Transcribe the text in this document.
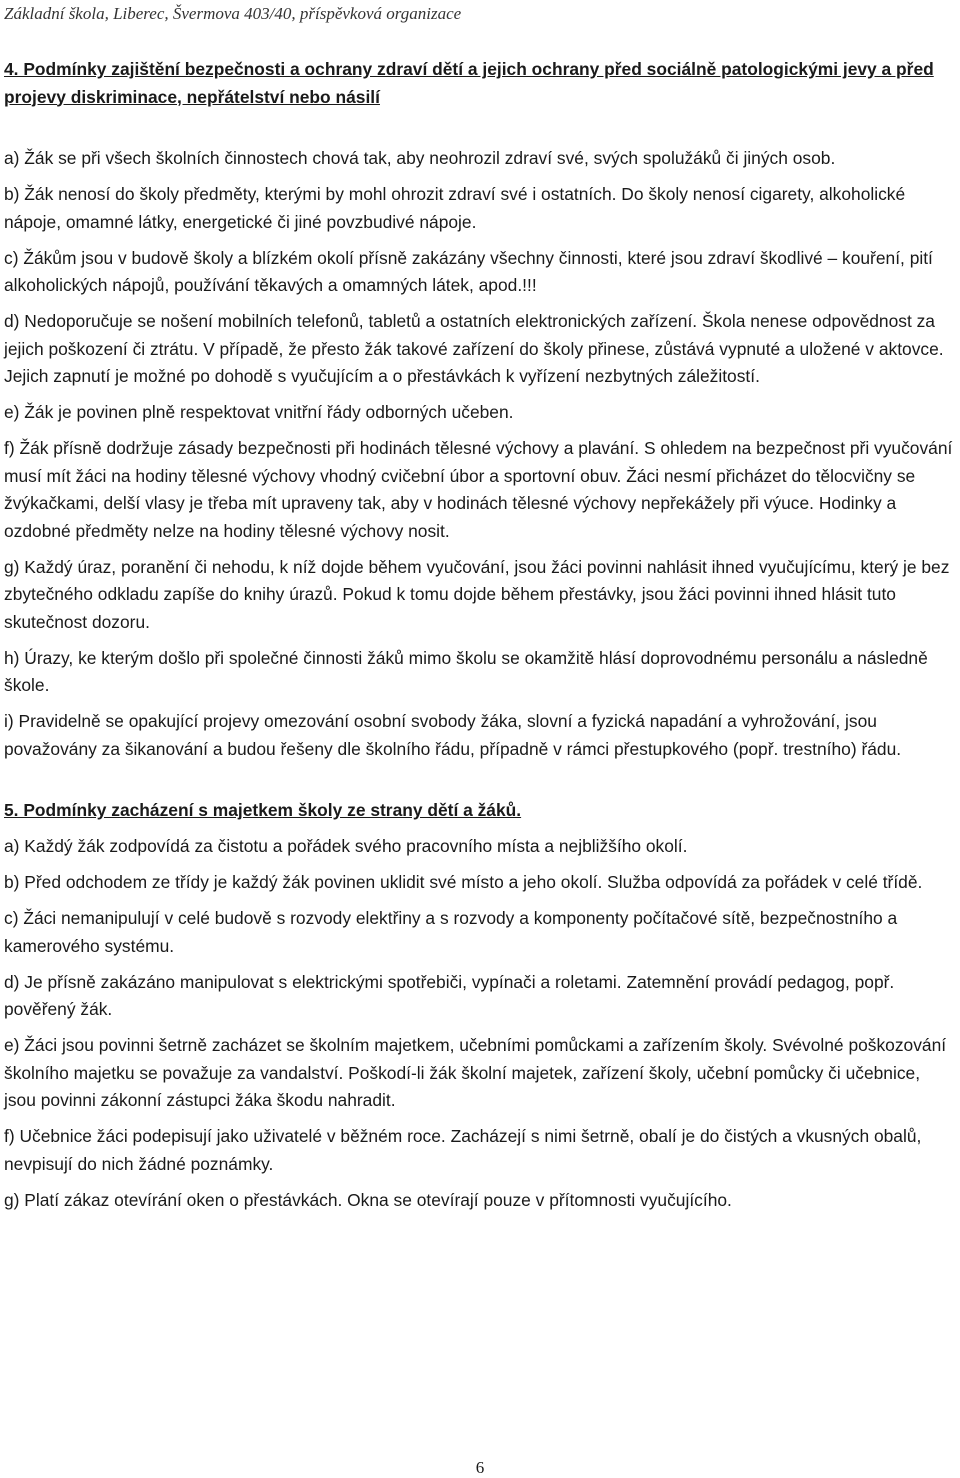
Základní škola, Liberec, Švermova 403/40, příspěvková organizace

4. Podmínky zajištění bezpečnosti a ochrany zdraví dětí a jejich ochrany před sociálně patologickými jevy a před projevy diskriminace, nepřátelství nebo násilí

a) Žák se při všech školních činnostech chová tak, aby neohrozil zdraví své, svých spolužáků či jiných osob.

b) Žák nenosí do školy předměty, kterými by mohl ohrozit zdraví své i ostatních. Do školy nenosí cigarety, alkoholické nápoje, omamné látky, energetické či jiné povzbudivé nápoje.

c) Žákům jsou v budově školy a blízkém okolí přísně zakázány všechny činnosti, které jsou zdraví škodlivé – kouření, pití alkoholických nápojů, používání těkavých a omamných látek, apod.!!!

d) Nedoporučuje se nošení mobilních telefonů, tabletů a ostatních elektronických zařízení. Škola nenese odpovědnost za jejich poškození či ztrátu. V případě, že přesto žák takové zařízení do školy přinese, zůstává vypnuté a uložené v aktovce. Jejich zapnutí je možné po dohodě s vyučujícím a o přestávkách k vyřízení nezbytných záležitostí.

e) Žák je povinen plně respektovat vnitřní řády odborných učeben.

f) Žák přísně dodržuje zásady bezpečnosti při hodinách tělesné výchovy a plavání. S ohledem na bezpečnost při vyučování musí mít žáci na hodiny tělesné výchovy vhodný cvičební úbor a sportovní obuv. Žáci nesmí přicházet do tělocvičny se žvýkačkami, delší vlasy je třeba mít upraveny tak, aby v hodinách tělesné výchovy nepřekážely při výuce. Hodinky a ozdobné předměty nelze na hodiny tělesné výchovy nosit.

g) Každý úraz, poranění či nehodu, k níž dojde během vyučování, jsou žáci povinni nahlásit ihned vyučujícímu, který je bez zbytečného odkladu zapíše do knihy úrazů. Pokud k tomu dojde během přestávky, jsou žáci povinni ihned hlásit tuto skutečnost dozoru.

h) Úrazy, ke kterým došlo při společné činnosti žáků mimo školu se okamžitě hlásí doprovodnému personálu a následně škole.

i) Pravidelně se opakující projevy omezování osobní svobody žáka, slovní a fyzická napadání a vyhrožování, jsou považovány za šikanování a budou řešeny dle školního řádu, případně v rámci přestupkového (popř. trestního) řádu.

5. Podmínky zacházení s majetkem školy ze strany dětí a žáků.

a) Každý žák zodpovídá za čistotu a pořádek svého pracovního místa a nejbližšího okolí.

b) Před odchodem ze třídy je každý žák povinen uklidit své místo a jeho okolí. Služba odpovídá za pořádek v celé třídě.

c) Žáci nemanipulují v celé budově s rozvody elektřiny a s rozvody a komponenty počítačové sítě, bezpečnostního a kamerového systému.

d) Je přísně zakázáno manipulovat s elektrickými spotřebiči, vypínači a roletami. Zatemnění provádí pedagog, popř. pověřený žák.

e) Žáci jsou povinni šetrně zacházet se školním majetkem, učebními pomůckami a zařízením školy. Svévolné poškozování školního majetku se považuje za vandalství. Poškodí-li žák školní majetek, zařízení školy, učební pomůcky či učebnice, jsou povinni zákonní zástupci žáka škodu nahradit.

f) Učebnice žáci podepisují jako uživatelé v běžném roce. Zacházejí s nimi šetrně, obalí je do čistých a vkusných obalů, nevpisují do nich žádné poznámky.

g) Platí zákaz otevírání oken o přestávkách. Okna se otevírají pouze v přítomnosti vyučujícího.

6
